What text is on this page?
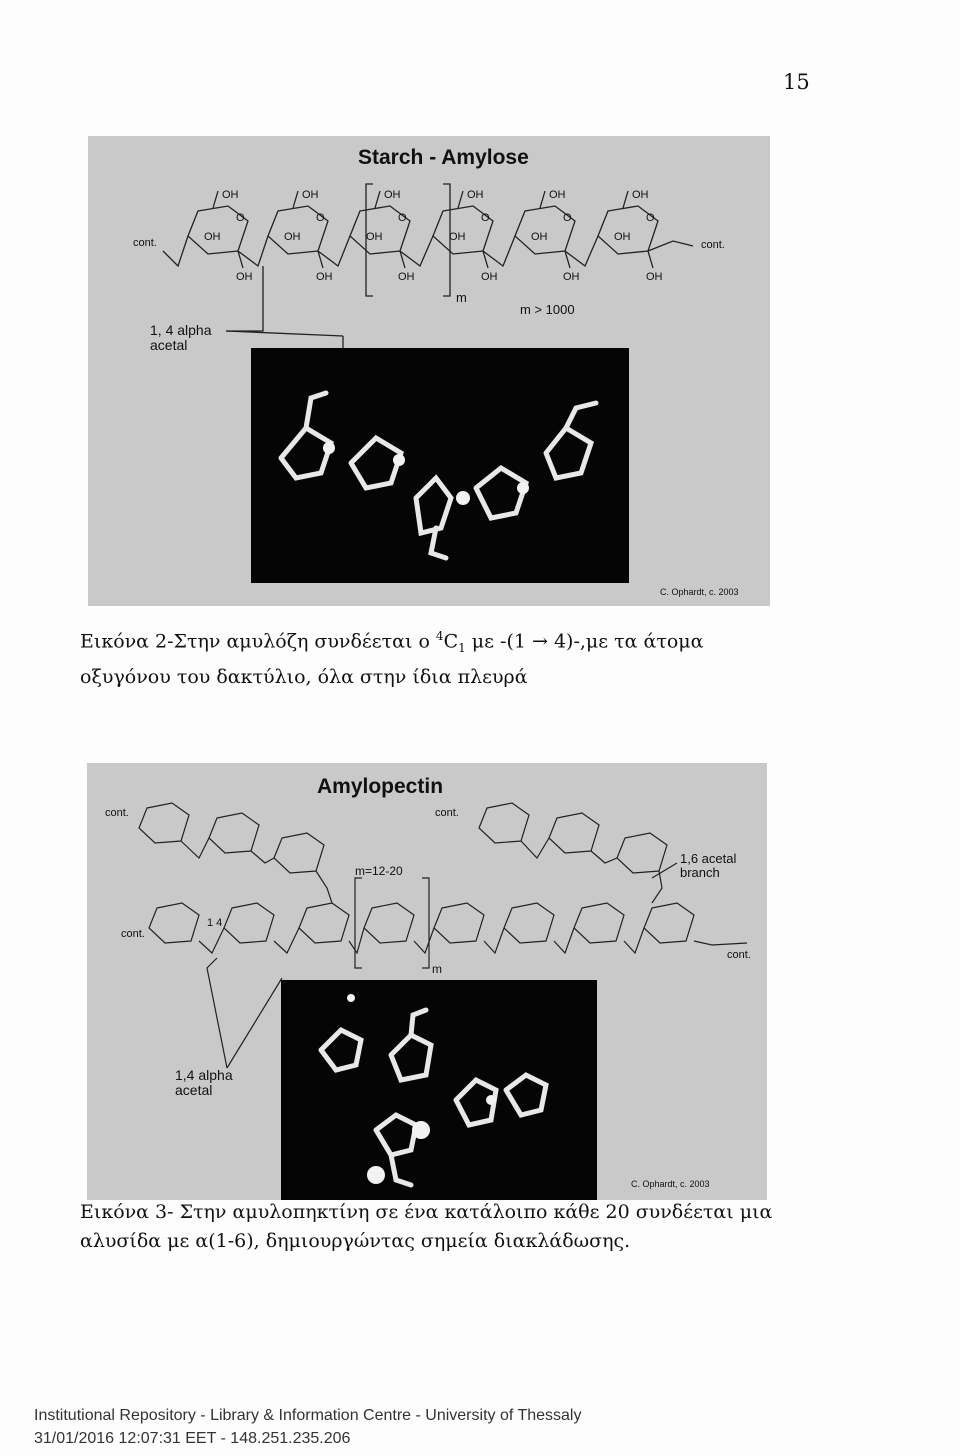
15
cont.	cont.
OH	OH	OH	OH	OH	OH
OH	OH	OH	OH	OH	OH
OH	OH	OH	OH	OH	OH
O	O	O	O	O	O
m
m > 1000
Starch - Amylose
1, 4 alpha acetal
C. Ophardt, c. 2003
Εικόνα 2-Στην αμυλόζη συνδέεται ο $^4C_1$ με -(1 → 4)-,με τα άτομα οξυγόνου του δακτύλιο, όλα στην ίδια πλευρά
cont.	cont.
cont.
cont.
m=12-20
m
1 4
Amylopectin
1,6 acetal branch
1,4 alpha acetal
C. Ophardt, c. 2003
Εικόνα 3- Στην αμυλοπηκτίνη σε ένα κατάλοιπο κάθε 20 συνδέεται μια αλυσίδα με α(1-6), δημιουργώντας σημεία διακλάδωσης.
Institutional Repository - Library & Information Centre - University of Thessaly
31/01/2016 12:07:31 EET - 148.251.235.206
